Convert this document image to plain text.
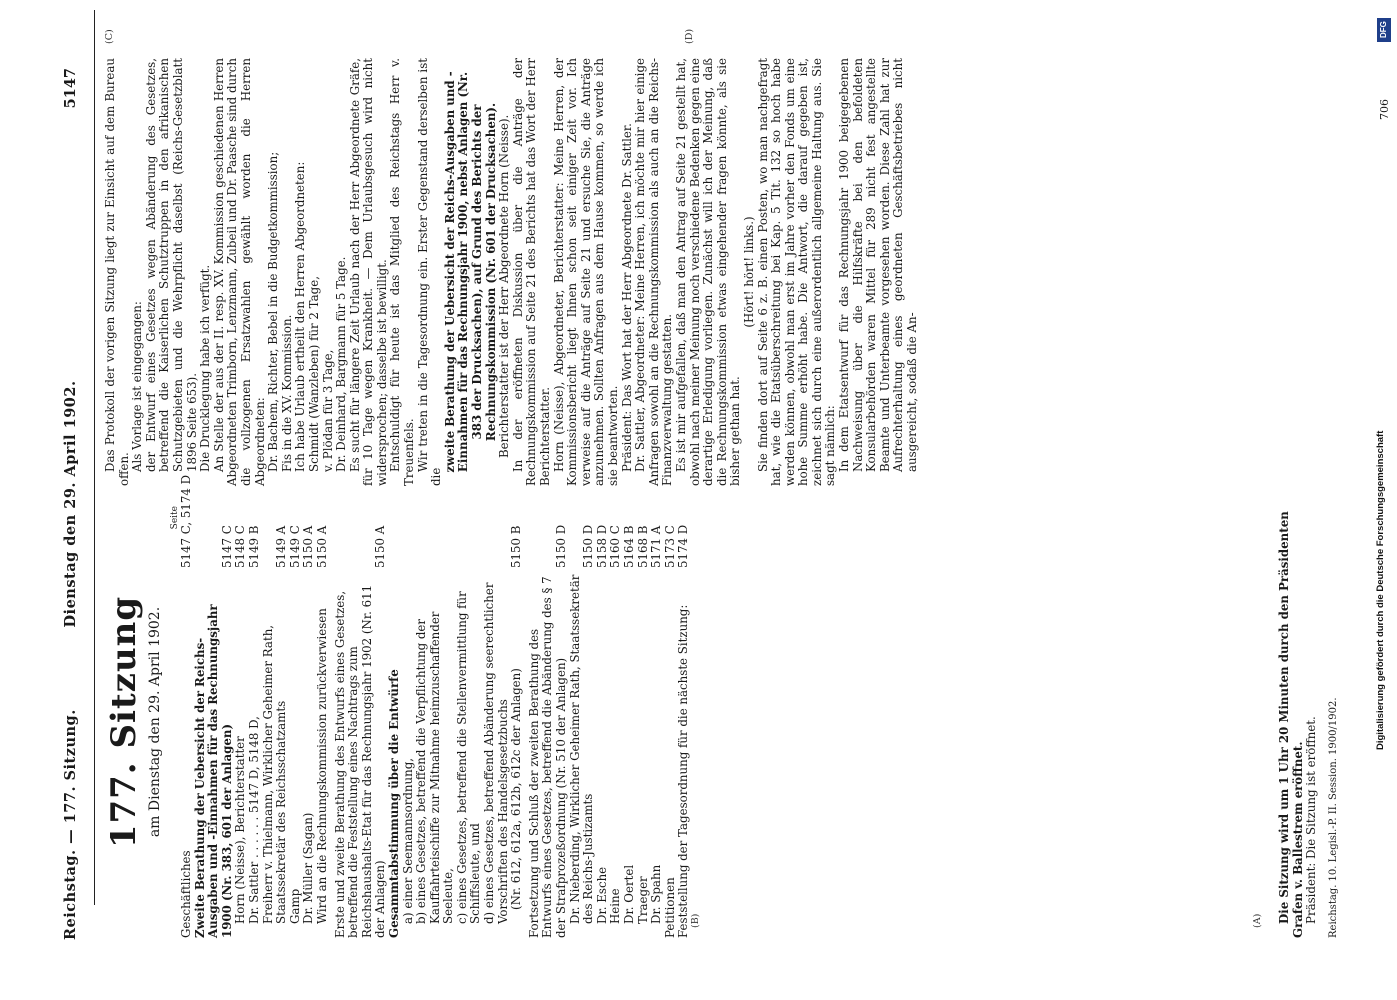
Reichstag. — 177. Sitzung.
Dienstag den 29. April 1902.
5147
(A)
(B)
(C)	(D)
177. Sitzung am Dienstag den 29. April 1902.
Seite
Geschäftliches
5147 C, 5174 D
Zweite Berathung der Uebersicht der Reichs-Ausgaben und -Einnahmen für das Rechnungsjahr 1900 (Nr. 383, 601 der Anlagen)
5147 C
Horn (Neisse), Berichterstatter
5148 C
Dr. Sattler . . . . . . 5147 D, 5148 D,
5149 B
Freiherr v. Thielmann, Wirklicher Geheimer Rath, Staatssekretär des Reichsschatzamts
5149 A
Gamp
5149 C
Dr. Müller (Sagan)
5150 A
Wird an die Rechnungskommission zurückverwiesen
5150 A
Erste und zweite Berathung des Entwurfs eines Gesetzes, betreffend die Feststellung eines Nachtrags zum Reichshaushalts-Etat für das Rechnungsjahr 1902 (Nr. 611 der Anlagen)
5150 A
Gesammtabstimmung über die Entwürfe a) einer Seemannsordnung, b) eines Gesetzes, betreffend die Verpflichtung der Kauffahrteischiffe zur Mitnahme heimzuschaffender Seeleute, c) eines Gesetzes, betreffend die Stellenvermittlung für Schiffsleute, und d) eines Gesetzes, betreffend Abänderung seerechtlicher Vorschriften des Handelsgesetzbuchs (Nr. 612, 612a, 612b, 612c der Anlagen)
5150 B
Fortsetzung und Schluß der zweiten Berathung des Entwurfs eines Gesetzes, betreffend die Abänderung des § 7 der Strafprozeßordnung (Nr. 510 der Anlagen)
5150 D
Dr. Nieberding, Wirklicher Geheimer Rath, Staatssekretär des Reichs-Justizamts
5150 D
Dr. Esche
5158 D
Heine
5160 C
Dr. Oertel
5164 B
Traeger
5168 B
Dr. Spahn
5171 A
Petitionen
5173 C
Feststellung der Tagesordnung für die nächste Sitzung:
5174 D	Die Sitzung wird um 1 Uhr 20 Minuten durch den Präsidenten Grafen v. Ballestrem eröffnet. Präsident: Die Sitzung ist eröffnet. Reichstag. 10. Legisl.-P. II. Session. 1900/1902.

Das Protokoll der vorigen Sitzung liegt zur Einsicht auf dem Bureau offen. Als Vorlage ist eingegangen: der Entwurf eines Gesetzes wegen Abänderung des Gesetzes, betreffend die Kaiserlichen Schutztruppen in den afrikanischen Schutzgebieten und die Wehrpflicht daselbst (Reichs-Gesetzblatt 1896 Seite 653). Die Drucklegung habe ich verfügt. An Stelle der aus der II. resp. XV. Kommission geschiedenen Herren Abgeordneten Trimborn, Lenzmann, Zubeil und Dr. Paasche sind durch die vollzogenen Ersatzwahlen gewählt worden die Herren Abgeordneten: Dr. Bachem, Richter, Bebel in die Budgetkommission; Fis in die XV. Kommission. Ich habe Urlaub ertheilt den Herren Abgeordneten: Schmidt (Wanzleben) für 2 Tage, v. Plödan für 3 Tage, Dr. Deinhard, Bargmann für 5 Tage. Es sucht für längere Zeit Urlaub nach der Herr Abgeordnete Gräfe, für 10 Tage wegen Krankheit. — Dem Urlaubsgesuch wird nicht widersprochen; dasselbe ist bewilligt. Entschuldigt für heute ist das Mitglied des Reichstags Herr v. Treuenfels. Wir treten in die Tagesordnung ein. Erster Gegenstand derselben ist die

zweite Berathung der Uebersicht der Reichs-Ausgaben und -Einnahmen für das Rechnungsjahr 1900, nebst Anlagen (Nr. 383 der Drucksachen), auf Grund des Berichts der Rechnungskommission (Nr. 601 der Drucksachen). Berichterstatter ist der Herr Abgeordnete Horn (Neisse). In der eröffneten Diskussion über die Anträge der Rechnungskommission auf Seite 21 des Berichts hat das Wort der Herr Berichterstatter. Horn (Neisse), Abgeordneter, Berichterstatter: Meine Herren, der Kommissionsbericht liegt Ihnen schon seit einiger Zeit vor. Ich verweise auf die Anträge auf Seite 21 und ersuche Sie, die Anträge anzunehmen. Sollten Anfragen aus dem Hause kommen, so werde ich sie beantworten. Präsident: Das Wort hat der Herr Abgeordnete Dr. Sattler. Dr. Sattler, Abgeordneter: Meine Herren, ich möchte mir hier einige Anfragen sowohl an die Rechnungskommission als auch an die Reichs-Finanzverwaltung gestatten. Es ist mir aufgefallen, daß man den Antrag auf Seite 21 gestellt hat, obwohl nach meiner Meinung noch verschiedene Bedenken gegen eine derartige Erledigung vorliegen. Zunächst will ich der Meinung, daß die Rechnungskommission etwas eingehender fragen könnte, als sie bisher gethan hat.

(Hört! hört! links.) Sie finden dort auf Seite 6 z. B. einen Posten, wo man nachgefragt hat, wie die Etatsüberschreitung bei Kap. 5 Tit. 132 so hoch habe werden können, obwohl man erst im Jahre vorher den Fonds um eine hohe Summe erhöht habe. Die Antwort, die darauf gegeben ist, zeichnet sich durch eine außerordentlich allgemeine Haltung aus. Sie sagt nämlich: In dem Etatsentwurf für das Rechnungsjahr 1900 beigegebenen Nachweisung über die Hilfskräfte bei den befoldeten Konsularbehörden waren Mittel für 289 nicht fest angestellte Beamte und Unterbeamte vorgesehen worden. Diese Zahl hat zur Aufrechterhaltung eines geordneten Geschäftsbetriebes nicht ausgereicht, sodaß die An-

706
DFG
Digitalisierung gefördert durch die Deutsche Forschungsgemeinschaft
